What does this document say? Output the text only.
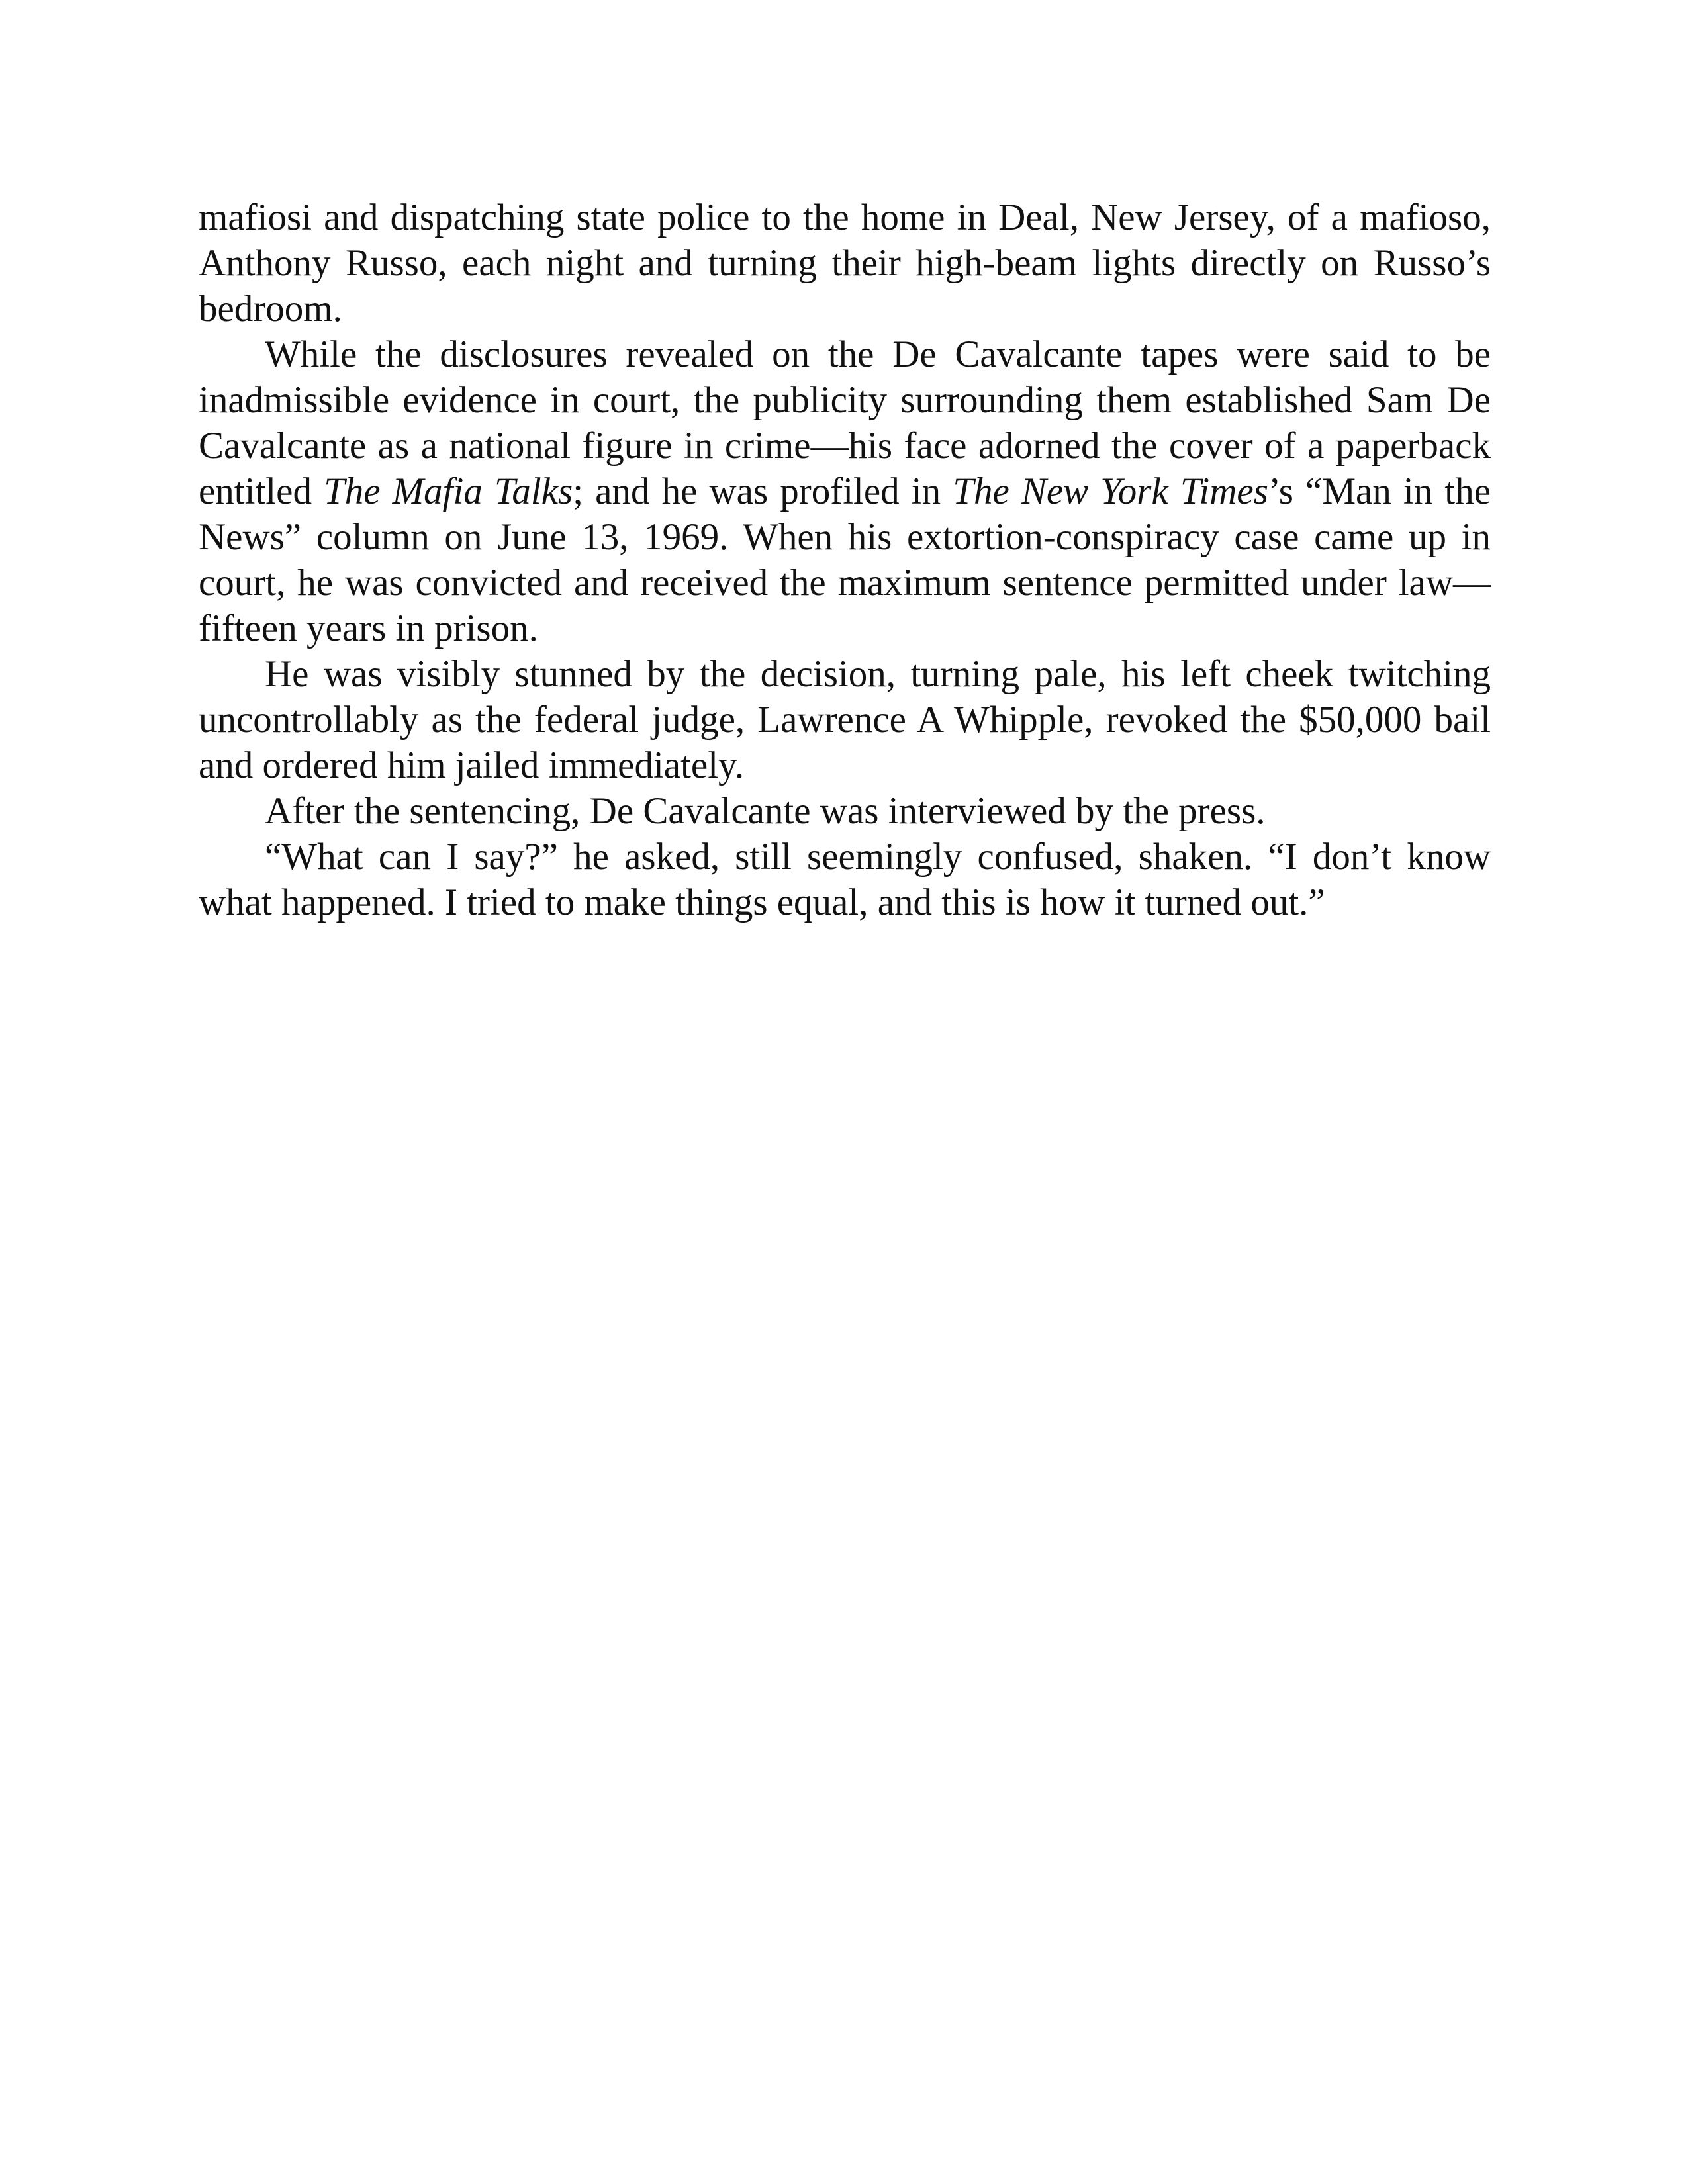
mafiosi and dispatching state police to the home in Deal, New Jersey, of a mafioso, Anthony Russo, each night and turning their high-beam lights directly on Russo’s bedroom.

While the disclosures revealed on the De Cavalcante tapes were said to be inadmissible evidence in court, the publicity surrounding them established Sam De Cavalcante as a national figure in crime—his face adorned the cover of a paperback entitled The Mafia Talks; and he was profiled in The New York Times’s “Man in the News” column on June 13, 1969. When his extortion-conspiracy case came up in court, he was convicted and received the maximum sentence permitted under law—fifteen years in prison.

He was visibly stunned by the decision, turning pale, his left cheek twitching uncontrollably as the federal judge, Lawrence A Whipple, revoked the $50,000 bail and ordered him jailed immediately.

After the sentencing, De Cavalcante was interviewed by the press.

“What can I say?” he asked, still seemingly confused, shaken. “I don’t know what happened. I tried to make things equal, and this is how it turned out.”
